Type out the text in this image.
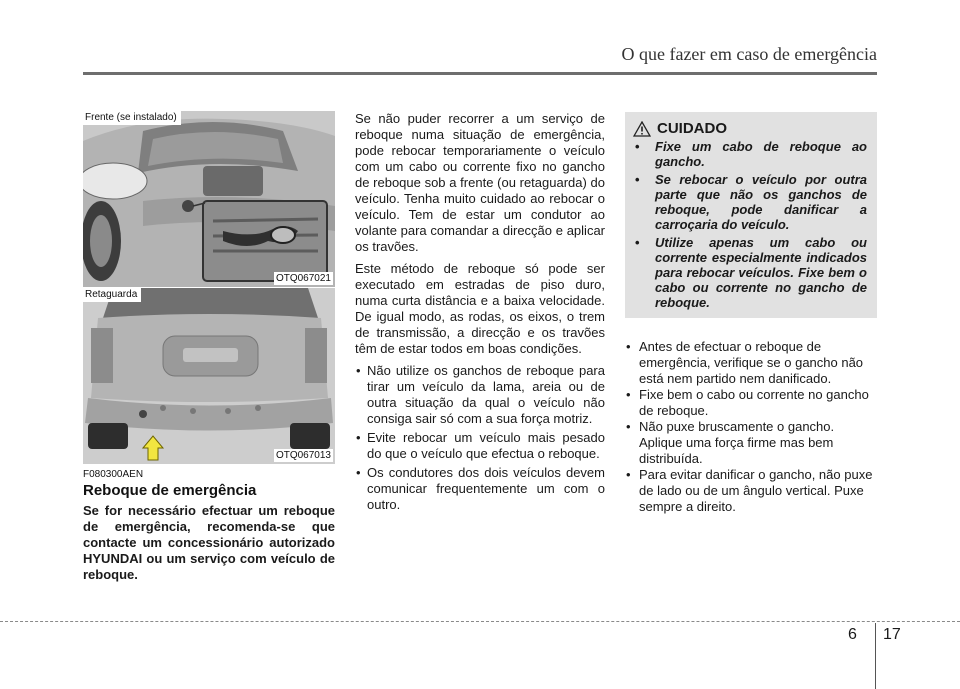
O que fazer em caso de emergência
Frente (se instalado)
OTQ067021
Retaguarda
OTQ067013
F080300AEN
Reboque de emergência
Se for necessário efectuar um reboque de emergência, recomenda-se que contacte um concessionário autorizado HYUNDAI ou um serviço com veículo de reboque.

Se não puder recorrer a um serviço de reboque numa situação de emergência, pode rebocar temporariamente o veículo com um cabo ou corrente fixo no gancho de reboque sob a frente (ou retaguarda) do veículo. Tenha muito cuidado ao rebocar o veículo. Tem de estar um condutor ao volante para comandar a direcção e aplicar os travões.

Este método de reboque só pode ser executado em estradas de piso duro, numa curta distância e a baixa velocidade. De igual modo, as rodas, os eixos, o trem de transmissão, a direcção e os travões têm de estar todos em boas condições.

• Não utilize os ganchos de reboque para tirar um veículo da lama, areia ou de outra situação da qual o veículo não consiga sair só com a sua força motriz.
• Evite rebocar um veículo mais pesado do que o veículo que efectua o reboque.
• Os condutores dos dois veículos devem comunicar frequentemente um com o outro.
CUIDADO
• Fixe um cabo de reboque ao gancho.
• Se rebocar o veículo por outra parte que não os ganchos de reboque, pode danificar a carroçaria do veículo.
• Utilize apenas um cabo ou corrente especialmente indicados para rebocar veículos. Fixe bem o cabo ou corrente no gancho de reboque.
• Antes de efectuar o reboque de emergência, verifique se o gancho não está nem partido nem danificado.
• Fixe bem o cabo ou corrente no gancho de reboque.
• Não puxe bruscamente o gancho. Aplique uma força firme mas bem distribuída.
• Para evitar danificar o gancho, não puxe de lado ou de um ângulo vertical. Puxe sempre a direito.
6 17
